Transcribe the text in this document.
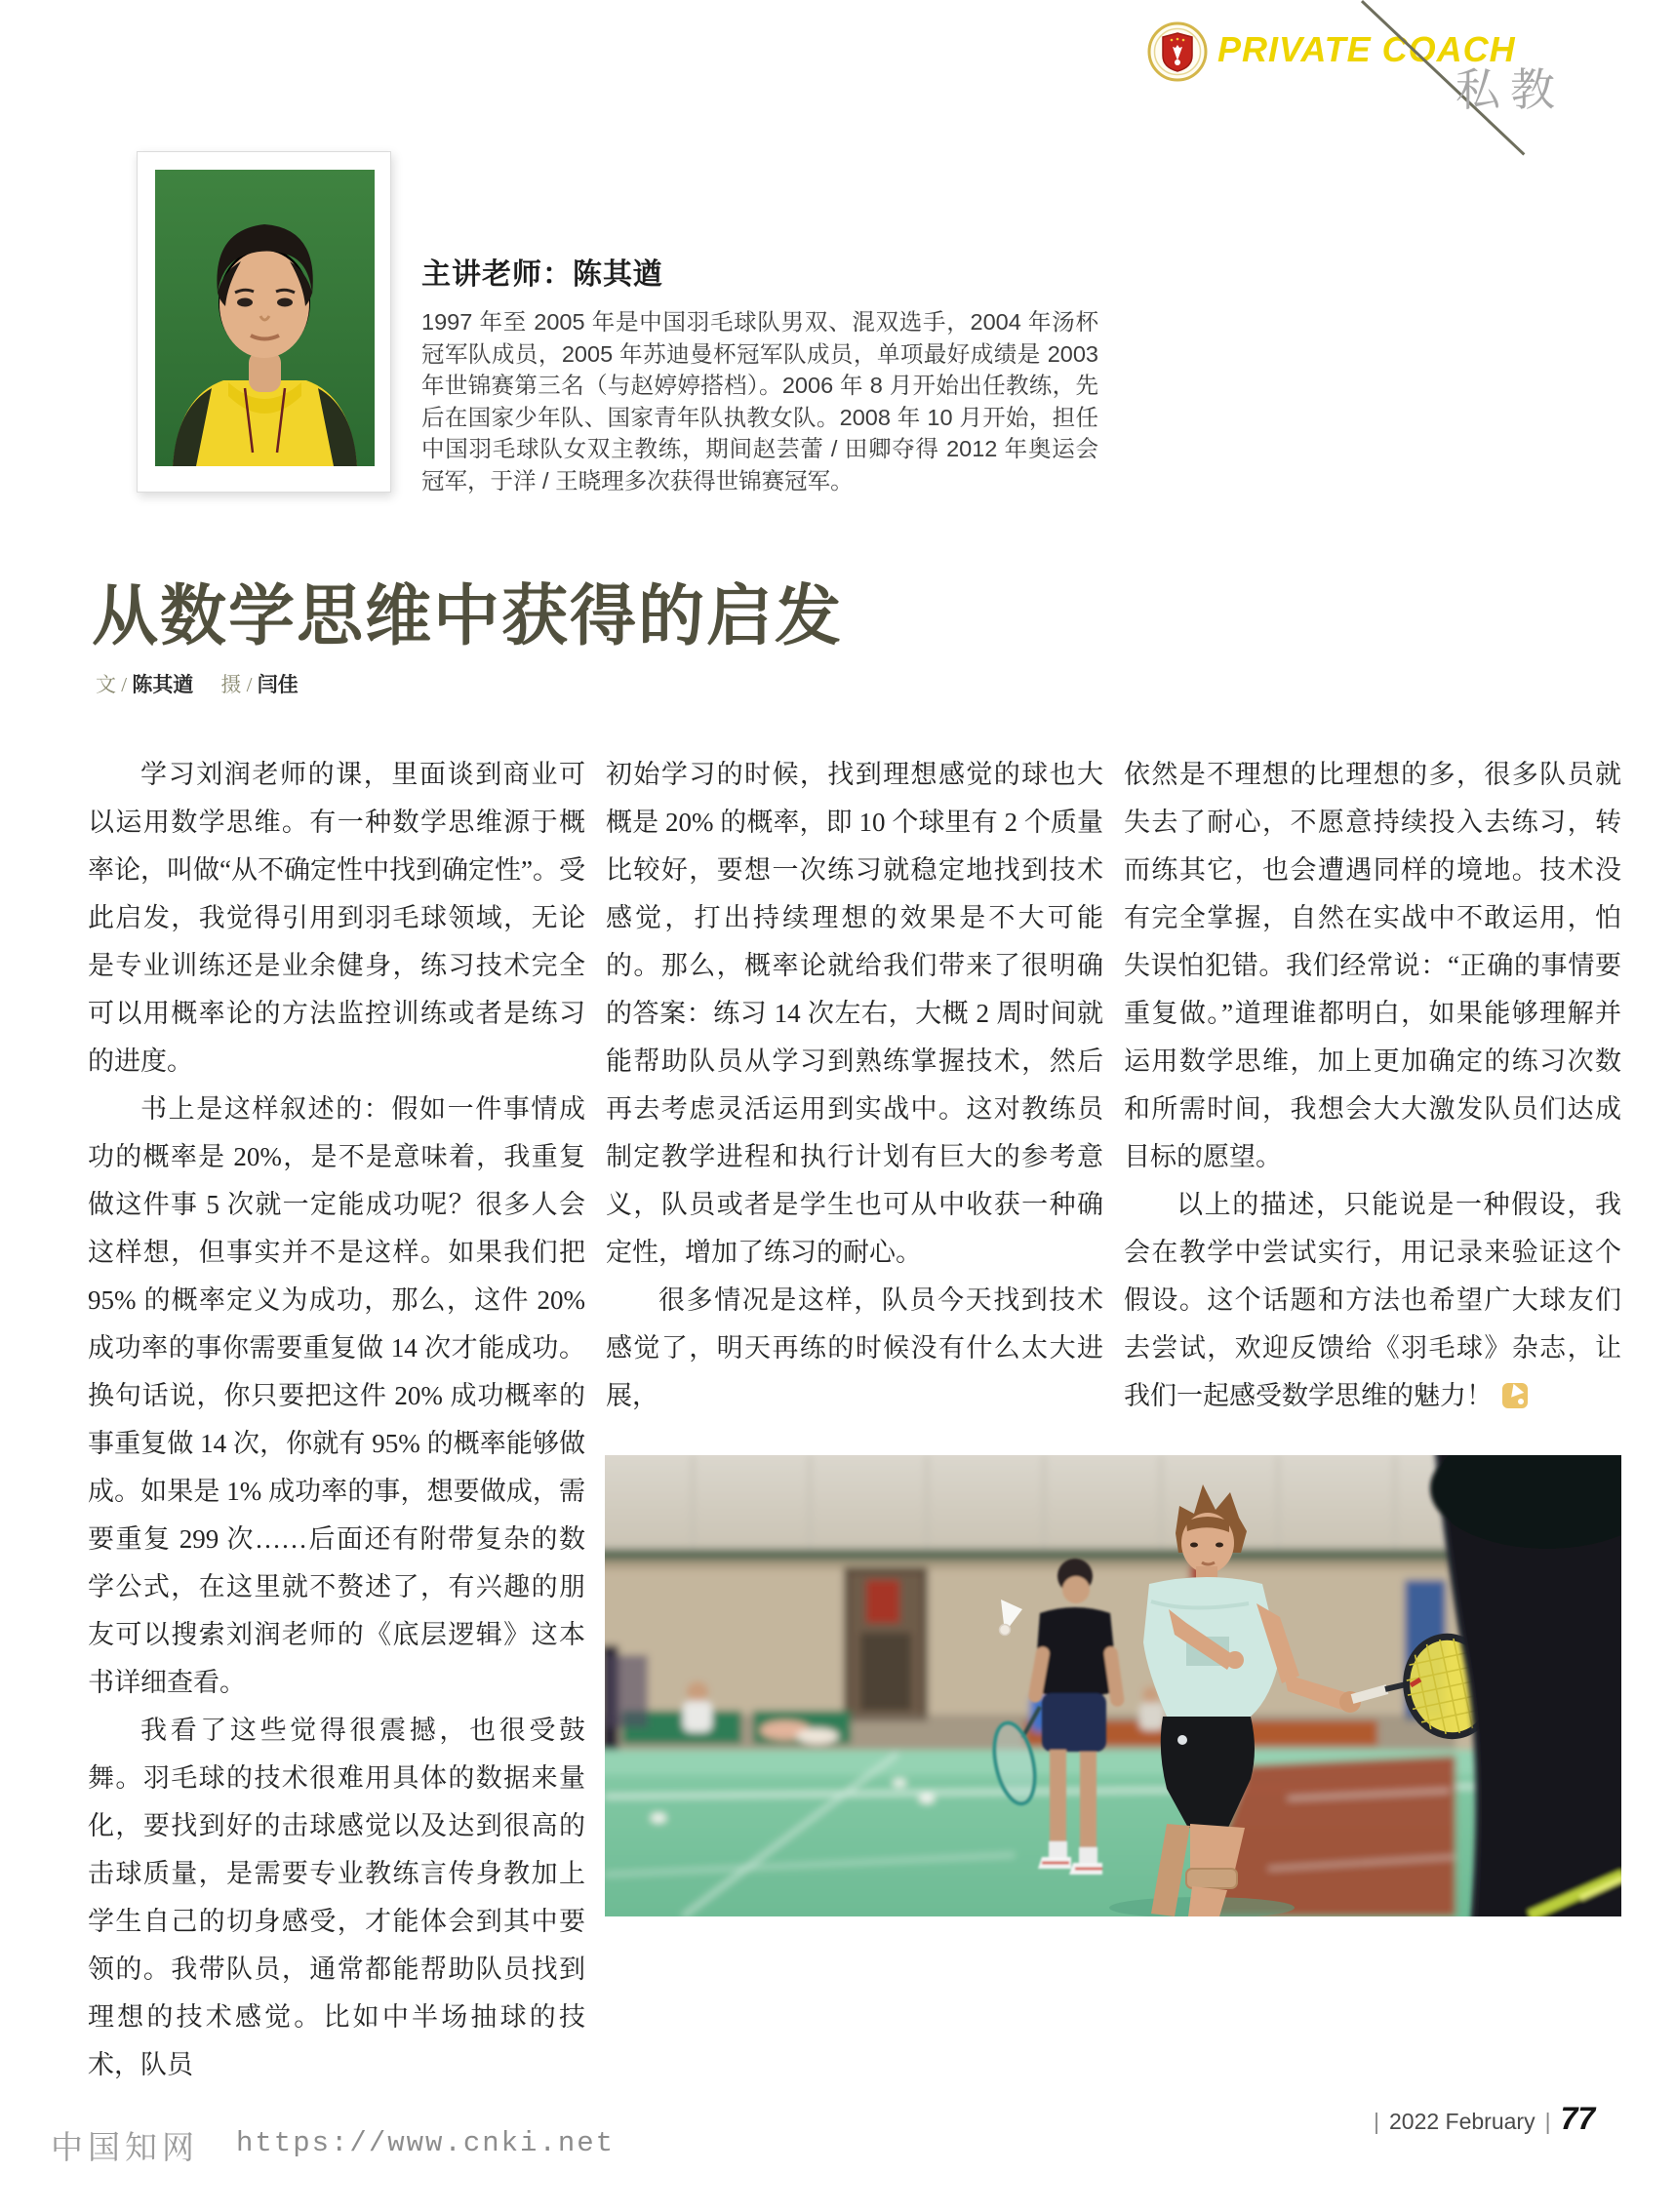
PRIVATE COACH
私教
主讲老师：陈其遒
1997 年至 2005 年是中国羽毛球队男双、混双选手，2004 年汤杯冠军队成员，2005 年苏迪曼杯冠军队成员，单项最好成绩是 2003 年世锦赛第三名（与赵婷婷搭档）。2006 年 8 月开始出任教练，先后在国家少年队、国家青年队执教女队。2008 年 10 月开始，担任中国羽毛球队女双主教练，期间赵芸蕾 / 田卿夺得 2012 年奥运会冠军，于洋 / 王晓理多次获得世锦赛冠军。
从数学思维中获得的启发
文 / 陈其遒 摄 / 闫佳

学习刘润老师的课，里面谈到商业可以运用数学思维。有一种数学思维源于概率论，叫做“从不确定性中找到确定性”。受此启发，我觉得引用到羽毛球领域，无论是专业训练还是业余健身，练习技术完全可以用概率论的方法监控训练或者是练习的进度。

书上是这样叙述的：假如一件事情成功的概率是 20%，是不是意味着，我重复做这件事 5 次就一定能成功呢？很多人会这样想，但事实并不是这样。如果我们把 95% 的概率定义为成功，那么，这件 20% 成功率的事你需要重复做 14 次才能成功。换句话说，你只要把这件 20% 成功概率的事重复做 14 次，你就有 95% 的概率能够做成。如果是 1% 成功率的事，想要做成，需要重复 299 次……后面还有附带复杂的数学公式，在这里就不赘述了，有兴趣的朋友可以搜索刘润老师的《底层逻辑》这本书详细查看。

我看了这些觉得很震撼，也很受鼓舞。羽毛球的技术很难用具体的数据来量化，要找到好的击球感觉以及达到很高的击球质量，是需要专业教练言传身教加上学生自己的切身感受，才能体会到其中要领的。我带队员，通常都能帮助队员找到理想的技术感觉。比如中半场抽球的技术，队员

初始学习的时候，找到理想感觉的球也大概是 20% 的概率，即 10 个球里有 2 个质量比较好，要想一次练习就稳定地找到技术感觉，打出持续理想的效果是不大可能的。那么，概率论就给我们带来了很明确的答案：练习 14 次左右，大概 2 周时间就能帮助队员从学习到熟练掌握技术，然后再去考虑灵活运用到实战中。这对教练员制定教学进程和执行计划有巨大的参考意义，队员或者是学生也可从中收获一种确定性，增加了练习的耐心。

很多情况是这样，队员今天找到技术感觉了，明天再练的时候没有什么太大进展，

依然是不理想的比理想的多，很多队员就失去了耐心，不愿意持续投入去练习，转而练其它，也会遭遇同样的境地。技术没有完全掌握，自然在实战中不敢运用，怕失误怕犯错。我们经常说：“正确的事情要重复做。”道理谁都明白，如果能够理解并运用数学思维，加上更加确定的练习次数和所需时间，我想会大大激发队员们达成目标的愿望。

以上的描述，只能说是一种假设，我会在教学中尝试实行，用记录来验证这个假设。这个话题和方法也希望广大球友们去尝试，欢迎反馈给《羽毛球》杂志，让我们一起感受数学思维的魅力！

| 2022 February | 77
中国知网 https://www.cnki.net
